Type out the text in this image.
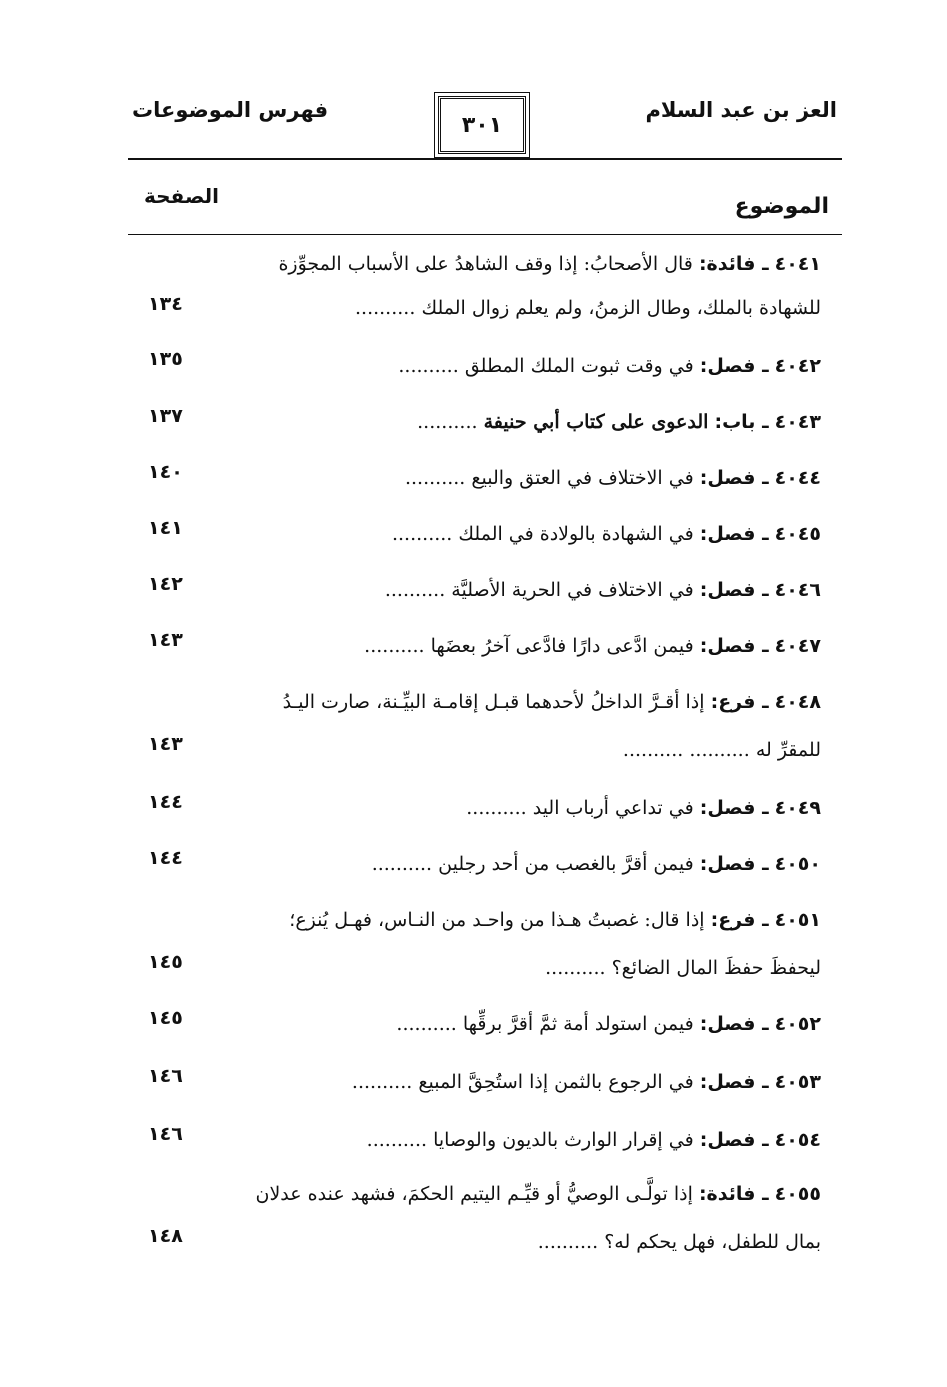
العز بن عبد السلام
٣٠١
فهرس الموضوعات
الموضوع
الصفحة
٤٠٤١ ـ فائدة: قال الأصحابُ: إذا وقف الشاهدُ على الأسباب المجوِّزة
للشهادة بالملك، وطال الزمنُ، ولم يعلم زوال الملك ..........
١٣٤
٤٠٤٢ ـ فصل: في وقت ثبوت الملك المطلق ..........
١٣٥
٤٠٤٣ ـ باب: الدعوى على كتاب أبي حنيفة ..........
١٣٧
٤٠٤٤ ـ فصل: في الاختلاف في العتق والبيع ..........
١٤٠
٤٠٤٥ ـ فصل: في الشهادة بالولادة في الملك ..........
١٤١
٤٠٤٦ ـ فصل: في الاختلاف في الحرية الأصليَّة ..........
١٤٢
٤٠٤٧ ـ فصل: فيمن ادَّعى دارًا فادَّعى آخرُ بعضَها ..........
١٤٣
٤٠٤٨ ـ فرع: إذا أقـرَّ الداخلُ لأحدهما قبـل إقامـة البيِّـنة، صارت اليـدُ
للمقرِّ له .......... ..........
١٤٣
٤٠٤٩ ـ فصل: في تداعي أرباب اليد ..........
١٤٤
٤٠٥٠ ـ فصل: فيمن أقرَّ بالغصب من أحد رجلين ..........
١٤٤
٤٠٥١ ـ فرع: إذا قال: غصبتُ هـذا من واحـد من النـاس، فهـل يُنزع؛
ليحفظَ حفظَ المال الضائع؟ ..........
١٤٥
٤٠٥٢ ـ فصل: فيمن استولد أمة ثمَّ أقرَّ برقِّها ..........
١٤٥
٤٠٥٣ ـ فصل: في الرجوع بالثمن إذا استُحِقَّ المبيع ..........
١٤٦
٤٠٥٤ ـ فصل: في إقرار الوارث بالديون والوصايا ..........
١٤٦
٤٠٥٥ ـ فائدة: إذا تولَّـى الوصيُّ أو قيِّـم اليتيم الحكمَ، فشهد عنده عدلان
بمال للطفل، فهل يحكم له؟ ..........
١٤٨
